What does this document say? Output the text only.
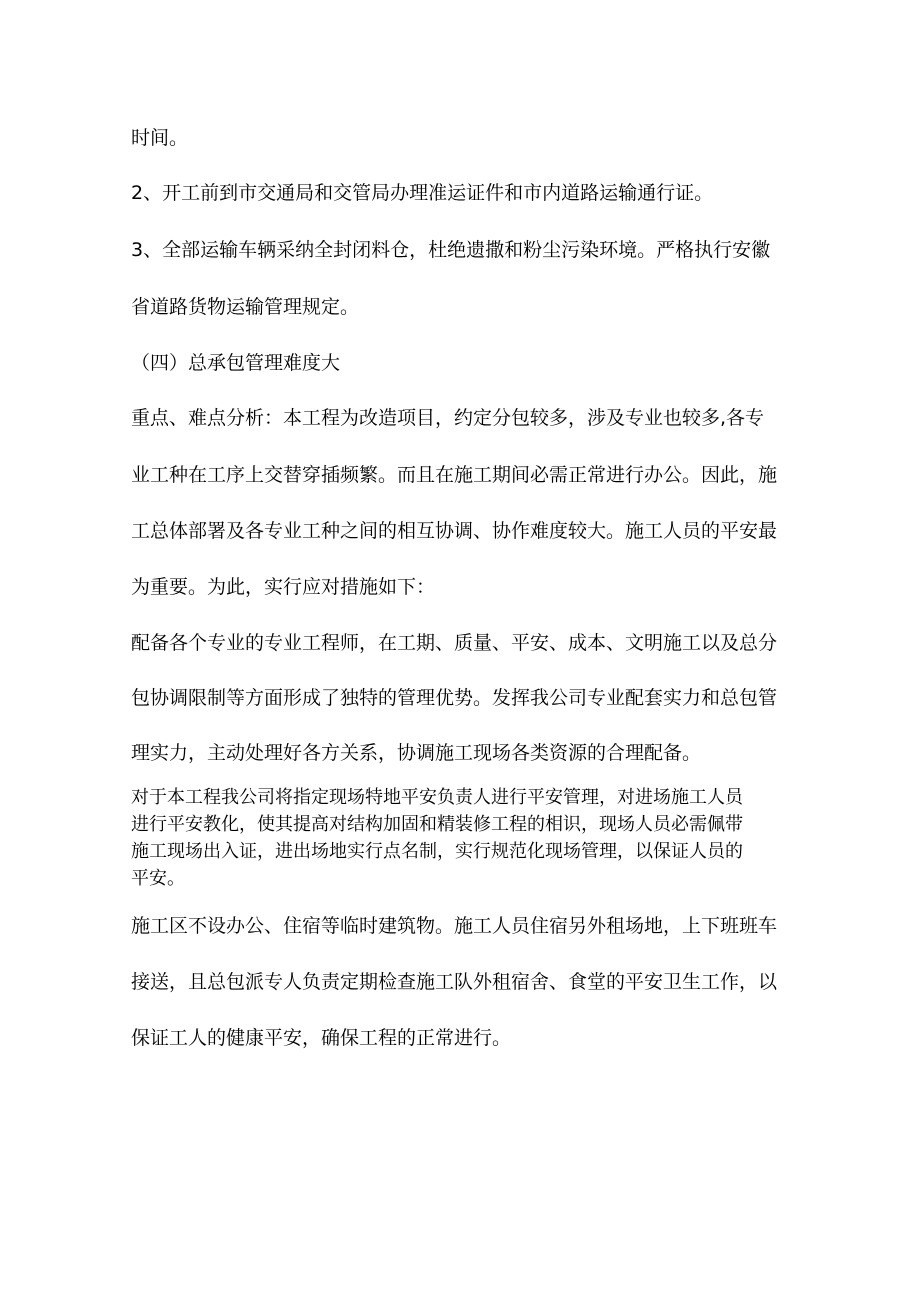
时间。
2、开工前到市交通局和交管局办理准运证件和市内道路运输通行证。
3、全部运输车辆采纳全封闭料仓，杜绝遗撒和粉尘污染环境。严格执行安徽
省道路货物运输管理规定。
（四）总承包管理难度大
重点、难点分析：本工程为改造项目，约定分包较多，涉及专业也较多,各专
业工种在工序上交替穿插频繁。而且在施工期间必需正常进行办公。因此，施
工总体部署及各专业工种之间的相互协调、协作难度较大。施工人员的平安最
为重要。为此，实行应对措施如下：
配备各个专业的专业工程师，在工期、质量、平安、成本、文明施工以及总分
包协调限制等方面形成了独特的管理优势。发挥我公司专业配套实力和总包管
理实力，主动处理好各方关系，协调施工现场各类资源的合理配备。
对于本工程我公司将指定现场特地平安负责人进行平安管理，对进场施工人员
进行平安教化，使其提高对结构加固和精装修工程的相识，现场人员必需佩带
施工现场出入证，进出场地实行点名制，实行规范化现场管理，以保证人员的
平安。
施工区不设办公、住宿等临时建筑物。施工人员住宿另外租场地，上下班班车
接送，且总包派专人负责定期检查施工队外租宿舍、食堂的平安卫生工作，以
保证工人的健康平安，确保工程的正常进行。
